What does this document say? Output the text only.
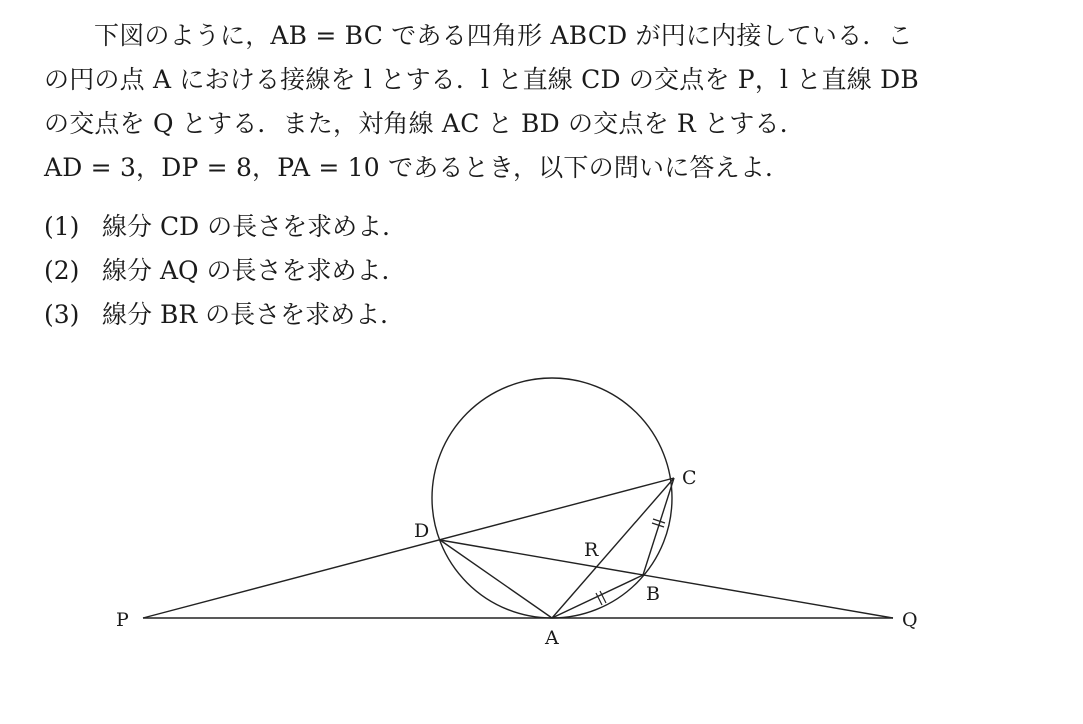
下図のように，AB = BC である四角形 ABCD が円に内接している．こ
の円の点 A における接線を l とする．l と直線 CD の交点を P，l と直線 DB
の交点を Q とする．また，対角線 AC と BD の交点を R とする．
AD = 3，DP = 8，PA = 10 であるとき，以下の問いに答えよ．
(1) 線分 CD の長さを求めよ．
(2) 線分 AQ の長さを求めよ．
(3) 線分 BR の長さを求めよ．
P	Q
A
B
C
D
R
